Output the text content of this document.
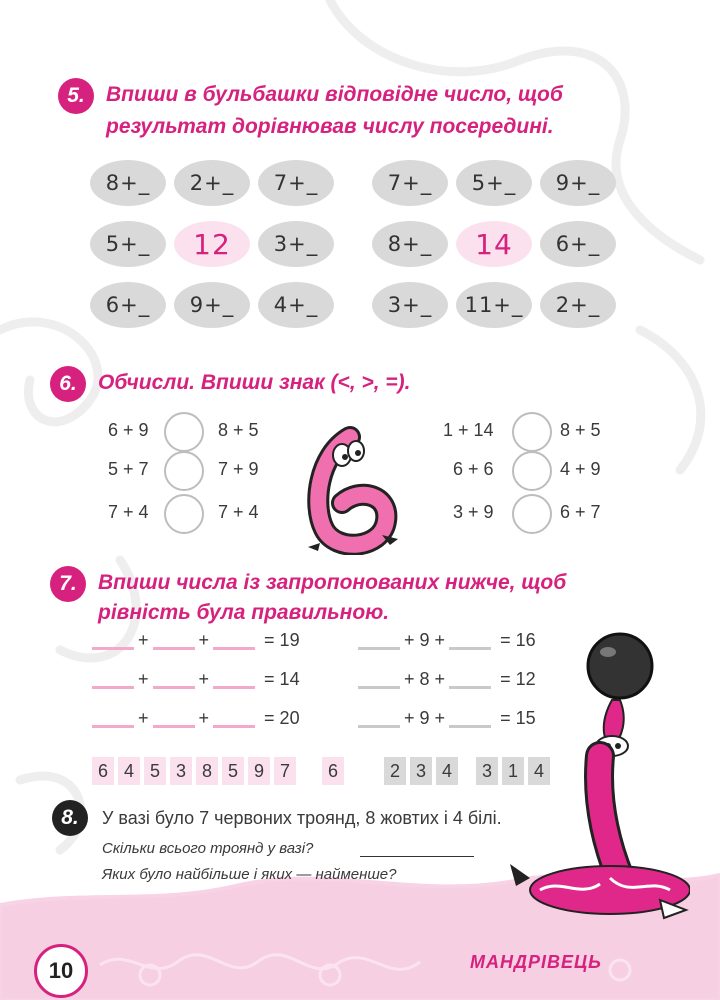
5.	Впиши в бульбашки відповідне число, щоб
результат дорівнював числу посередині.
8+_	2+_	7+_
5+_	12	3+_
6+_	9+_	4+_
7+_	5+_	9+_
8+_	14	6+_
3+_	11+_	2+_
6.	Обчисли. Впиши знак (<, >, =).
6 + 9	8 + 5
5 + 7	7 + 9
7 + 4	7 + 4
1 + 14	8 + 5
6 + 6	4 + 9
3 + 9	6 + 7
7.	Впиши числа із запропонованих нижче, щоб
рівність була правильною.
+	+	= 19
+	+	= 14
+	+	= 20
+ 9 +	= 16
+ 8 +	= 12
+ 9 +	= 15
6 4 5 3 8 5 9 7	6	2 3 4	3 1 4
8.	У вазі було 7 червоних троянд, 8 жовтих і 4 білі.
Скільки всього троянд у вазі?
Яких було найбільше і яких — найменше?
10	МАНДРІВЕЦЬ
